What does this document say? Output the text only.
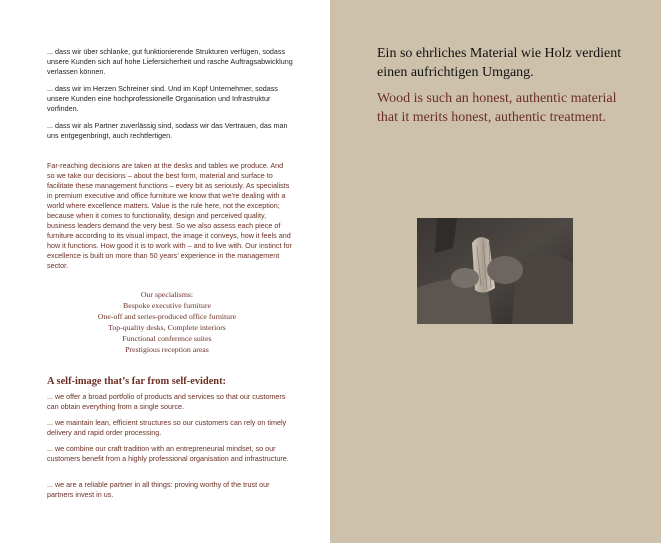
... dass wir über schlanke, gut funktionierende Strukturen verfügen, sodass unsere Kunden sich auf hohe Liefersicherheit und rasche Auftragsabwicklung verlassen können.

... dass wir im Herzen Schreiner sind. Und im Kopf Unternehmer, sodass unsere Kunden eine hochprofessionelle Organisation und Infrastruktur vorfinden.

... dass wir als Partner zuverlässig sind, sodass wir das Vertrauen, das man uns entgegenbringt, auch rechtfertigen.

Far-reaching decisions are taken at the desks and tables we produce. And so we take our decisions – about the best form, material and surface to facilitate these management functions – every bit as seriously. As specialists in premium executive and office furniture we know that we’re dealing with a world where excellence matters. Value is the rule here, not the exception; because when it comes to functionality, design and perceived quality, business leaders demand the very best. So we also assess each piece of furniture according to its visual impact, the image it conveys, how it feels and how it functions. How good it is to work with – and to live with. Our instinct for excellence is built on more than 50 years’ experience in the management sector.

Our specialisms:
Bespoke executive furniture
One-off and series-produced office furniture
Top-quality desks, Complete interiors
Functional conference suites
Prestigious reception areas
A self-image that’s far from self-evident:

... we offer a broad portfolio of products and services so that our customers can obtain everything from a single source.

... we maintain lean, efficient structures so our customers can rely on timely delivery and rapid order processing.

... we combine our craft tradition with an entrepreneurial mindset, so our customers benefit from a highly professional organisation and infrastructure.

... we are a reliable partner in all things: proving worthy of the trust our partners invest in us.

Ein so ehrliches Material wie Holz verdient einen aufrichtigen Umgang.

Wood is such an honest, authentic material that it merits honest, authentic treatment.
